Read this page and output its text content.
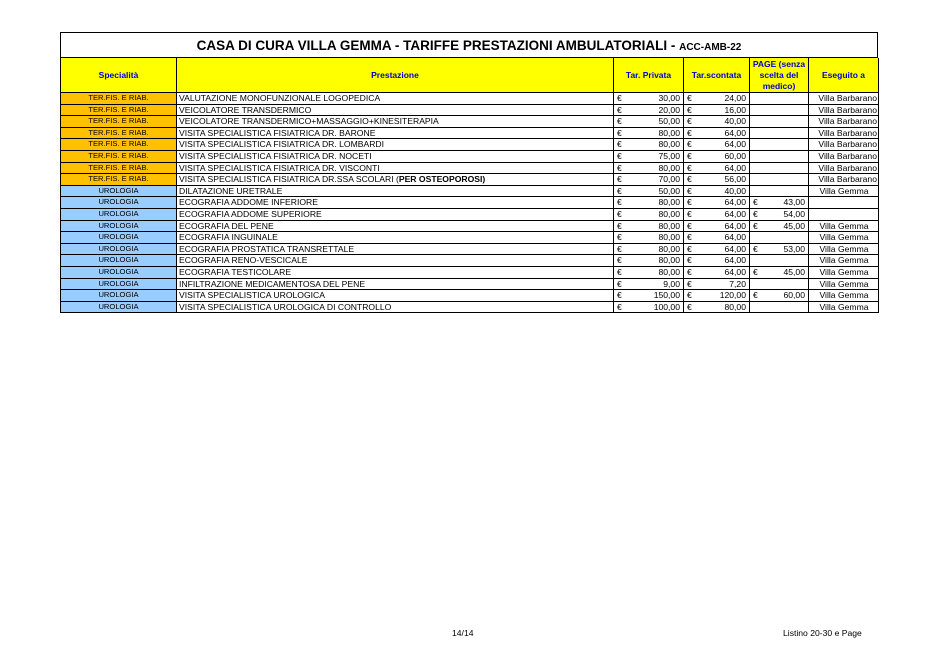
CASA DI CURA VILLA GEMMA - TARIFFE PRESTAZIONI AMBULATORIALI - ACC-AMB-22
Specialità	Prestazione	Tar. Privata	Tar.scontata	PAGE (senza scelta del medico)	Eseguito a
TER.FIS. E RIAB.	VALUTAZIONE MONOFUNZIONALE LOGOPEDICA	€ 30,00	€ 24,00		Villa Barbarano
TER.FIS. E RIAB.	VEICOLATORE TRANSDERMICO	€ 20,00	€ 16,00		Villa Barbarano
TER.FIS. E RIAB.	VEICOLATORE TRANSDERMICO+MASSAGGIO+KINESITERAPIA	€ 50,00	€ 40,00		Villa Barbarano
TER.FIS. E RIAB.	VISITA SPECIALISTICA FISIATRICA DR. BARONE	€ 80,00	€ 64,00		Villa Barbarano
TER.FIS. E RIAB.	VISITA SPECIALISTICA FISIATRICA DR. LOMBARDI	€ 80,00	€ 64,00		Villa Barbarano
TER.FIS. E RIAB.	VISITA SPECIALISTICA FISIATRICA DR. NOCETI	€ 75,00	€ 60,00		Villa Barbarano
TER.FIS. E RIAB.	VISITA SPECIALISTICA FISIATRICA DR. VISCONTI	€ 80,00	€ 64,00		Villa Barbarano
TER.FIS. E RIAB.	VISITA SPECIALISTICA FISIATRICA DR.SSA SCOLARI (PER OSTEOPOROSI)	€ 70,00	€ 56,00		Villa Barbarano
UROLOGIA	DILATAZIONE URETRALE	€ 50,00	€ 40,00		Villa Gemma
UROLOGIA	ECOGRAFIA ADDOME INFERIORE	€ 80,00	€ 64,00	€ 43,00	

UROLOGIA	ECOGRAFIA ADDOME SUPERIORE	€ 80,00	€ 64,00	€ 54,00	

UROLOGIA	ECOGRAFIA DEL PENE	€ 80,00	€ 64,00	€ 45,00	Villa Gemma
UROLOGIA	ECOGRAFIA INGUINALE	€ 80,00	€ 64,00		Villa Gemma
UROLOGIA	ECOGRAFIA PROSTATICA TRANSRETTALE	€ 80,00	€ 64,00	€ 53,00	Villa Gemma
UROLOGIA	ECOGRAFIA RENO-VESCICALE	€ 80,00	€ 64,00		Villa Gemma
UROLOGIA	ECOGRAFIA TESTICOLARE	€ 80,00	€ 64,00	€ 45,00	Villa Gemma
UROLOGIA	INFILTRAZIONE MEDICAMENTOSA DEL PENE	€ 9,00	€ 7,20		Villa Gemma
UROLOGIA	VISITA SPECIALISTICA UROLOGICA	€ 150,00	€ 120,00	€ 60,00	Villa Gemma
UROLOGIA	VISITA SPECIALISTICA UROLOGICA DI CONTROLLO	€ 100,00	€ 80,00		Villa Gemma
14/14	Listino 20-30 e Page
